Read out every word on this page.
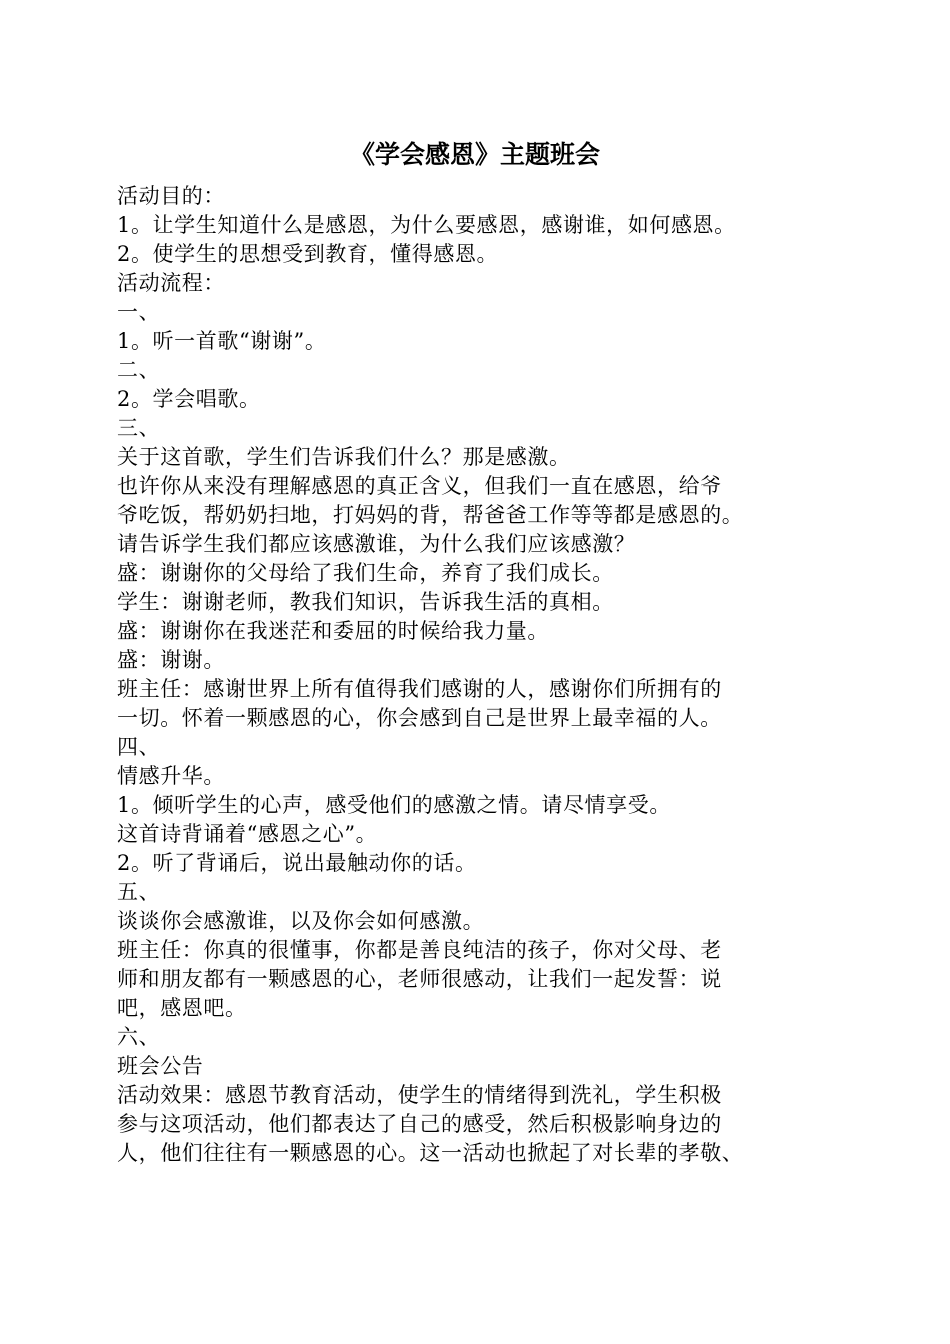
《学会感恩》主题班会
活动目的：
1。让学生知道什么是感恩，为什么要感恩，感谢谁，如何感恩。
2。使学生的思想受到教育，懂得感恩。
活动流程：
一、
1。听一首歌“谢谢”。
二、
2。学会唱歌。
三、
关于这首歌，学生们告诉我们什么？那是感激。
也许你从来没有理解感恩的真正含义，但我们一直在感恩，给爷
爷吃饭，帮奶奶扫地，打妈妈的背，帮爸爸工作等等都是感恩的。
请告诉学生我们都应该感激谁，为什么我们应该感激？
盛：谢谢你的父母给了我们生命，养育了我们成长。
学生：谢谢老师，教我们知识，告诉我生活的真相。
盛：谢谢你在我迷茫和委屈的时候给我力量。
盛：谢谢。
班主任：感谢世界上所有值得我们感谢的人，感谢你们所拥有的
一切。怀着一颗感恩的心，你会感到自己是世界上最幸福的人。
四、
情感升华。
1。倾听学生的心声，感受他们的感激之情。请尽情享受。
这首诗背诵着“感恩之心”。
2。听了背诵后，说出最触动你的话。
五、
谈谈你会感激谁，以及你会如何感激。
班主任：你真的很懂事，你都是善良纯洁的孩子，你对父母、老
师和朋友都有一颗感恩的心，老师很感动，让我们一起发誓：说
吧，感恩吧。
六、
班会公告
活动效果：感恩节教育活动，使学生的情绪得到洗礼，学生积极
参与这项活动，他们都表达了自己的感受，然后积极影响身边的
人，他们往往有一颗感恩的心。这一活动也掀起了对长辈的孝敬、
